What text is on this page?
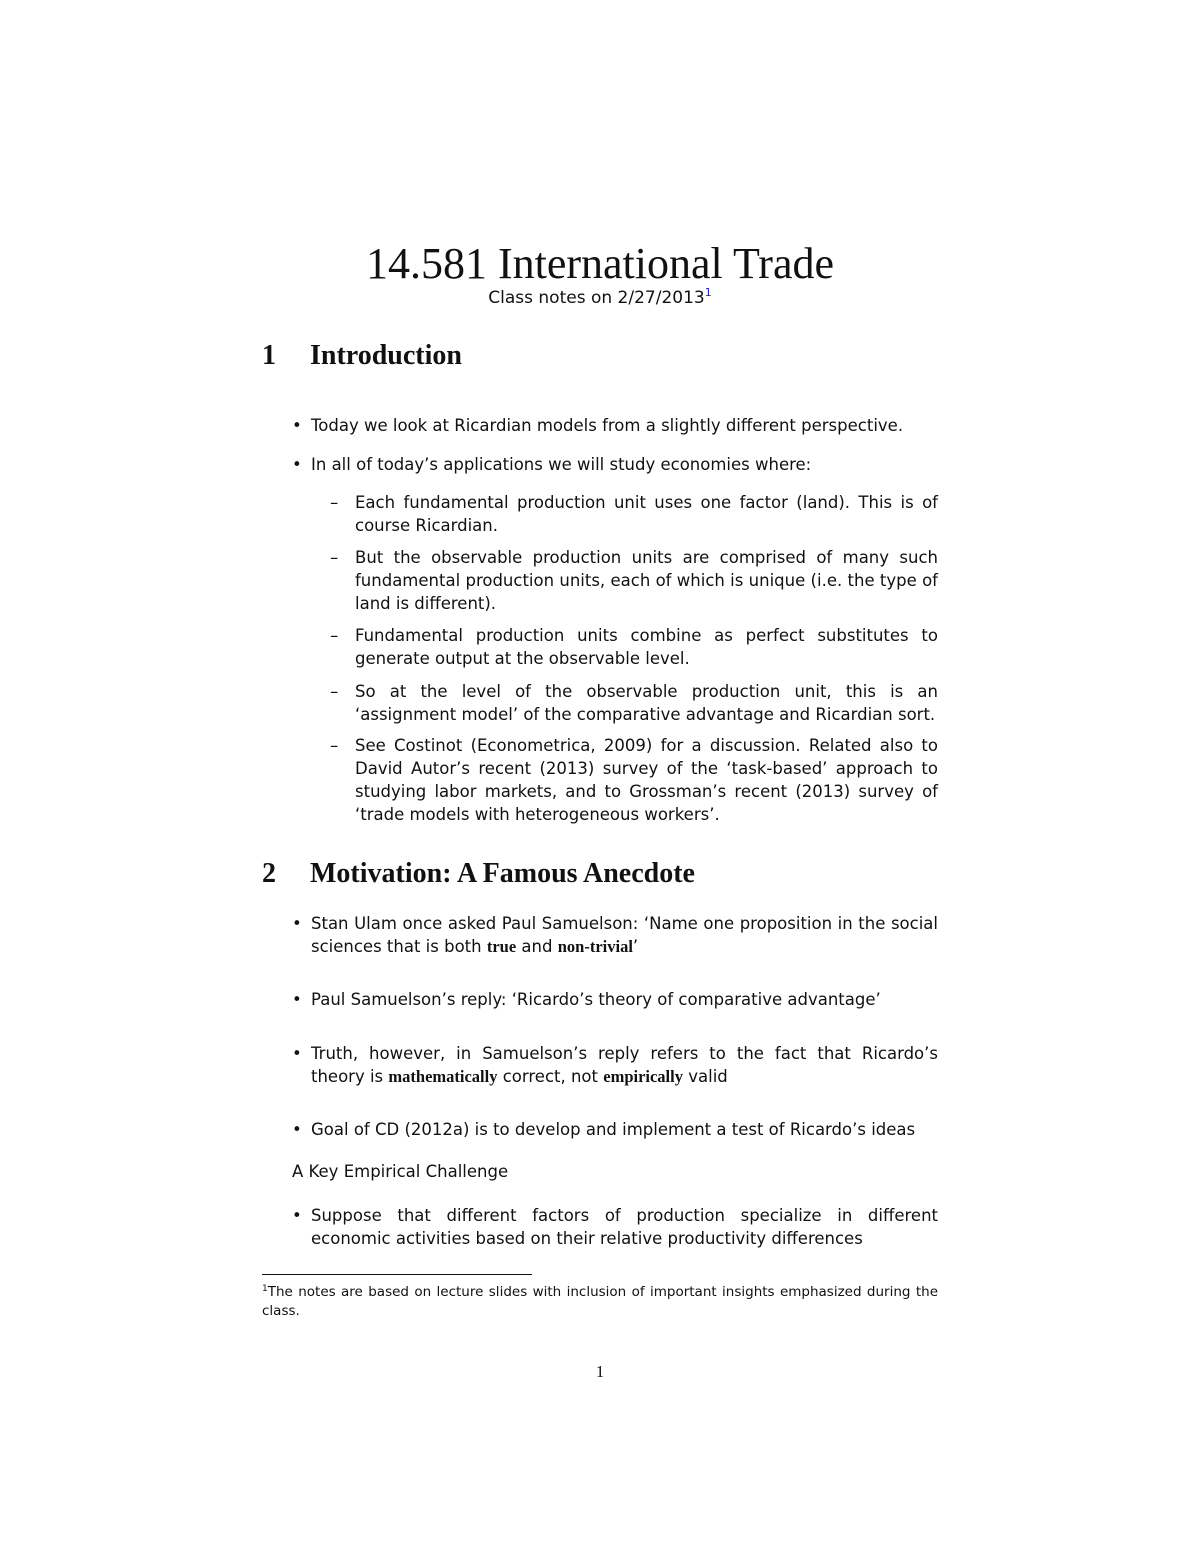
14.581 International Trade
Class notes on 2/27/2013$^1$
1 Introduction
• Today we look at Ricardian models from a slightly different perspective.
• In all of today’s applications we will study economies where:
–	Each fundamental production unit uses one factor (land). This is of course Ricardian.
–	But the observable production units are comprised of many such fundamental production units, each of which is unique (i.e. the type of land is different).
–	Fundamental production units combine as perfect substitutes to generate output at the observable level.
–	So at the level of the observable production unit, this is an ‘assignment model’ of the comparative advantage and Ricardian sort.
–	See Costinot (Econometrica, 2009) for a discussion. Related also to David Autor’s recent (2013) survey of the ‘task-based’ approach to studying labor markets, and to Grossman’s recent (2013) survey of ‘trade models with heterogeneous workers’.
2 Motivation: A Famous Anecdote
• Stan Ulam once asked Paul Samuelson: ‘Name one proposition in the social sciences that is both true and non-trivial’
• Paul Samuelson’s reply: ‘Ricardo’s theory of comparative advantage’
• Truth, however, in Samuelson’s reply refers to the fact that Ricardo’s theory is mathematically correct, not empirically valid
• Goal of CD (2012a) is to develop and implement a test of Ricardo’s ideas
A Key Empirical Challenge
• Suppose that different factors of production specialize in different economic activities based on their relative productivity differences
$^1$The notes are based on lecture slides with inclusion of important insights emphasized during the class.
1
